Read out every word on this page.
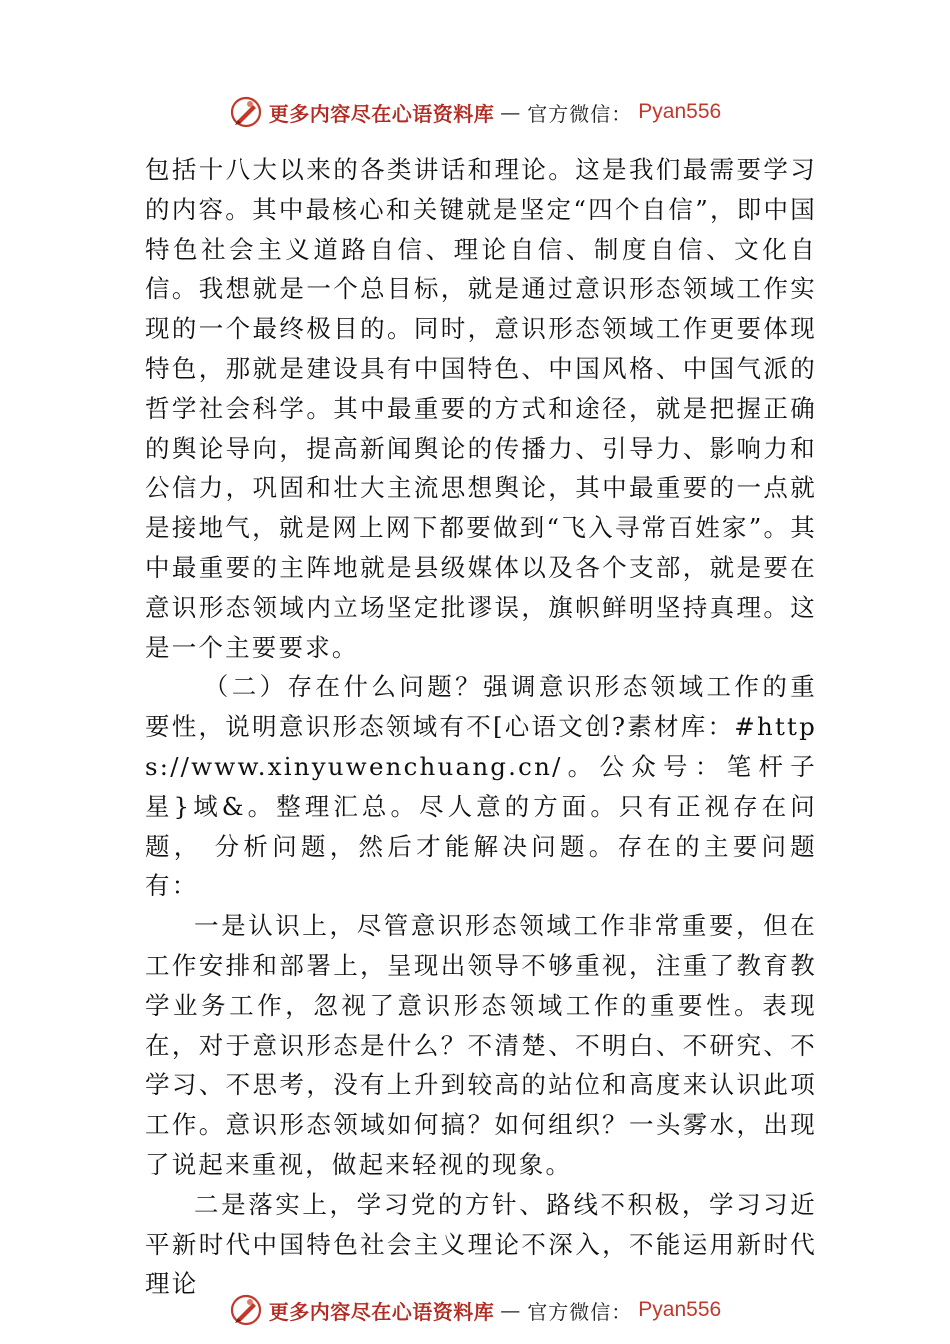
更多内容尽在心语资料库 — 官方微信： Pyan556

包括十八大以来的各类讲话和理论。这是我们最需要学习的内容。其中最核心和关键就是坚定“四个自信”，即中国特色社会主义道路自信、理论自信、制度自信、文化自信。我想就是一个总目标，就是通过意识形态领域工作实现的一个最终极目的。同时，意识形态领域工作更要体现特色，那就是建设具有中国特色、中国风格、中国气派的哲学社会科学。其中最重要的方式和途径，就是把握正确的舆论导向，提高新闻舆论的传播力、引导力、影响力和公信力，巩固和壮大主流思想舆论，其中最重要的一点就是接地气，就是网上网下都要做到“飞入寻常百姓家”。其中最重要的主阵地就是县级媒体以及各个支部，就是要在意识形态领域内立场坚定批谬误，旗帜鲜明坚持真理。这是一个主要要求。

（二）存在什么问题？强调意识形态领域工作的重要性，说明意识形态领域有不[心语文创?素材库：#https://www.xinyuwenchuang.cn/。公众号：笔杆子星}域&。整理汇总。尽人意的方面。只有正视存在问题， 分析问题，然后才能解决问题。存在的主要问题有：

一是认识上，尽管意识形态领域工作非常重要，但在工作安排和部署上，呈现出领导不够重视，注重了教育教学业务工作，忽视了意识形态领域工作的重要性。表现在，对于意识形态是什么？不清楚、不明白、不研究、不学习、不思考，没有上升到较高的站位和高度来认识此项工作。意识形态领域如何搞？如何组织？一头雾水，出现了说起来重视，做起来轻视的现象。

二是落实上，学习党的方针、路线不积极，学习习近平新时代中国特色社会主义理论不深入，不能运用新时代理论

更多内容尽在心语资料库 — 官方微信： Pyan556
